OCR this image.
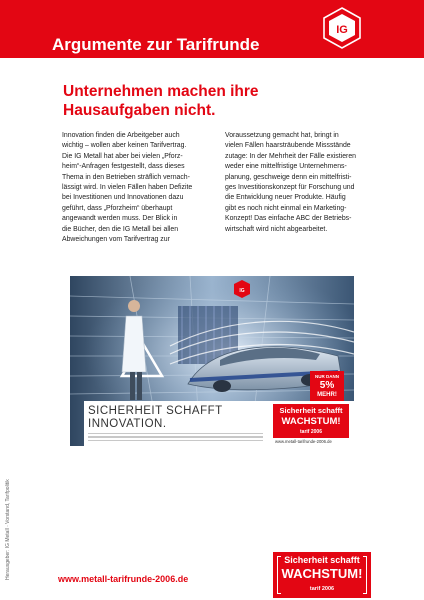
Argumente zur Tarifrunde
IG
Unternehmen machen ihre
Hausaufgaben nicht.
Innovation finden die Arbeitgeber auch
wichtig – wollen aber keinen Tarifvertrag.
Die IG Metall hat aber bei vielen „Pforz-
heim“-Anfragen festgestellt, dass dieses
Thema in den Betrieben sträflich vernach-
lässigt wird. In vielen Fällen haben Defizite
bei Investitionen und Innovationen dazu
geführt, dass „Pforzheim“ überhaupt
angewandt werden muss. Der Blick in
die Bücher, den die IG Metall bei allen
Abweichungen vom Tarifvertrag zur
Voraussetzung gemacht hat, bringt in
vielen Fällen haarsträubende Missstände
zutage: In der Mehrheit der Fälle existieren
weder eine mittelfristige Unternehmens-
planung, geschweige denn ein mittelfristi-
ges Investitionskonzept für Forschung und
die Entwicklung neuer Produkte. Häufig
gibt es noch nicht einmal ein Marketing-
Konzept! Das einfache ABC der Betriebs-
wirtschaft wird nicht abgearbeitet.
IG
NUR DANN
5%
MEHR!
SICHERHEIT SCHAFFT
INNOVATION.
Sicherheit schafft
WACHSTUM!
tarif 2006
www.metall-tarifrunde-2006.de
Herausgeber: IG Metall · Vorstand, Tarifpolitik	www.metall-tarifrunde-2006.de
Sicherheit schafft
WACHSTUM!
tarif 2006
